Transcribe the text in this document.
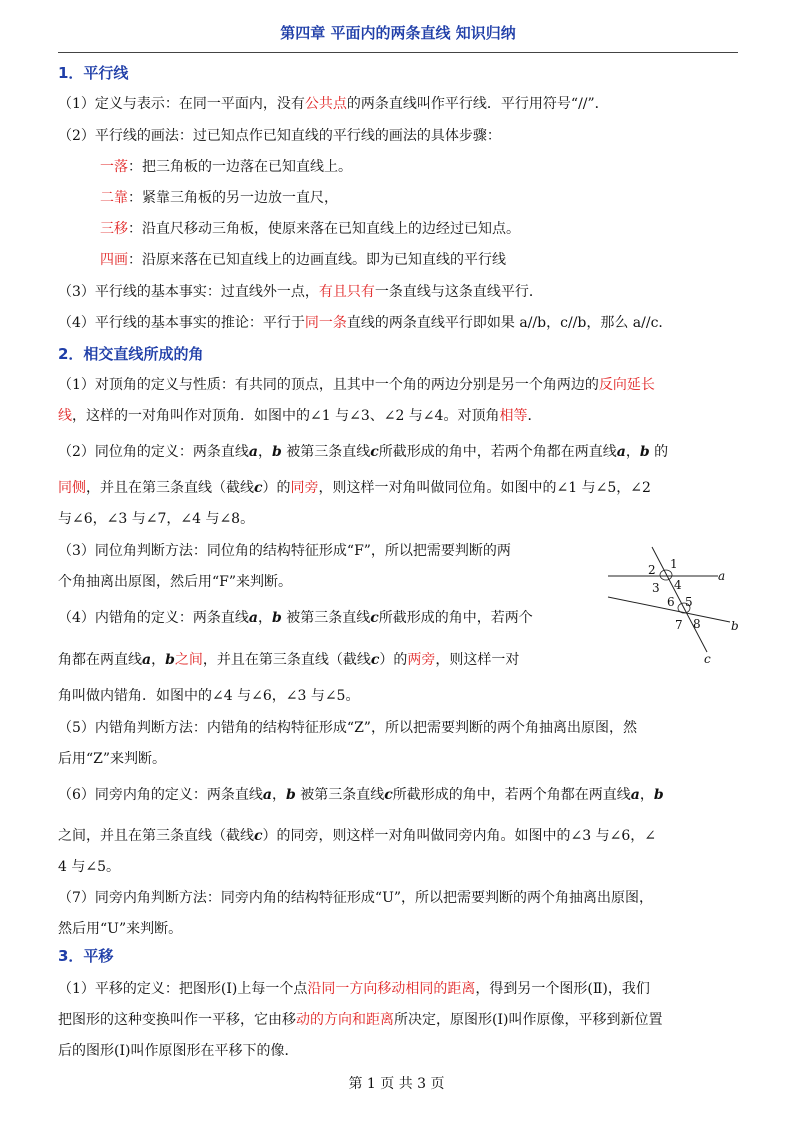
第四章 平面内的两条直线 知识归纳
1．平行线
（1）定义与表示：在同一平面内，没有公共点的两条直线叫作平行线．平行用符号“//”．
（2）平行线的画法：过已知点作已知直线的平行线的画法的具体步骤：
一落：把三角板的一边落在已知直线上。
二靠：紧靠三角板的另一边放一直尺，
三移：沿直尺移动三角板，使原来落在已知直线上的边经过已知点。
四画：沿原来落在已知直线上的边画直线。即为已知直线的平行线
（3）平行线的基本事实：过直线外一点，有且只有一条直线与这条直线平行．
（4）平行线的基本事实的推论：平行于同一条直线的两条直线平行即如果 a//b，c//b，那么 a//c．
2．相交直线所成的角
（1）对顶角的定义与性质：有共同的顶点，且其中一个角的两边分别是另一个角两边的反向延长
线，这样的一对角叫作对顶角．如图中的∠1 与∠3、∠2 与∠4。对顶角相等．
（2）同位角的定义：两条直线a，b 被第三条直线c所截形成的角中，若两个角都在两直线a，b 的
同侧，并且在第三条直线（截线c）的同旁，则这样一对角叫做同位角。如图中的∠1 与∠5，∠2
与∠6，∠3 与∠7，∠4 与∠8。
（3）同位角判断方法：同位角的结构特征形成“F”，所以把需要判断的两
个角抽离出原图，然后用“F”来判断。
（4）内错角的定义：两条直线a，b 被第三条直线c所截形成的角中，若两个
角都在两直线a，b之间，并且在第三条直线（截线c）的两旁，则这样一对
角叫做内错角．如图中的∠4 与∠6，∠3 与∠5。
（5）内错角判断方法：内错角的结构特征形成“Z”，所以把需要判断的两个角抽离出原图，然
后用“Z”来判断。
（6）同旁内角的定义：两条直线a，b 被第三条直线c所截形成的角中，若两个角都在两直线a，b
之间，并且在第三条直线（截线c）的同旁，则这样一对角叫做同旁内角。如图中的∠3 与∠6，∠
4 与∠5。
（7）同旁内角判断方法：同旁内角的结构特征形成“U”，所以把需要判断的两个角抽离出原图，
然后用“U”来判断。
1
2
3 4
5
6
7 8
a
b
c
3．平移
（1）平移的定义：把图形(Ⅰ)上每一个点沿同一方向移动相同的距离，得到另一个图形(Ⅱ)，我们
把图形的这种变换叫作一平移，它由移动的方向和距离所决定，原图形(Ⅰ)叫作原像，平移到新位置
后的图形(Ⅰ)叫作原图形在平移下的像．
第 1 页 共 3 页
